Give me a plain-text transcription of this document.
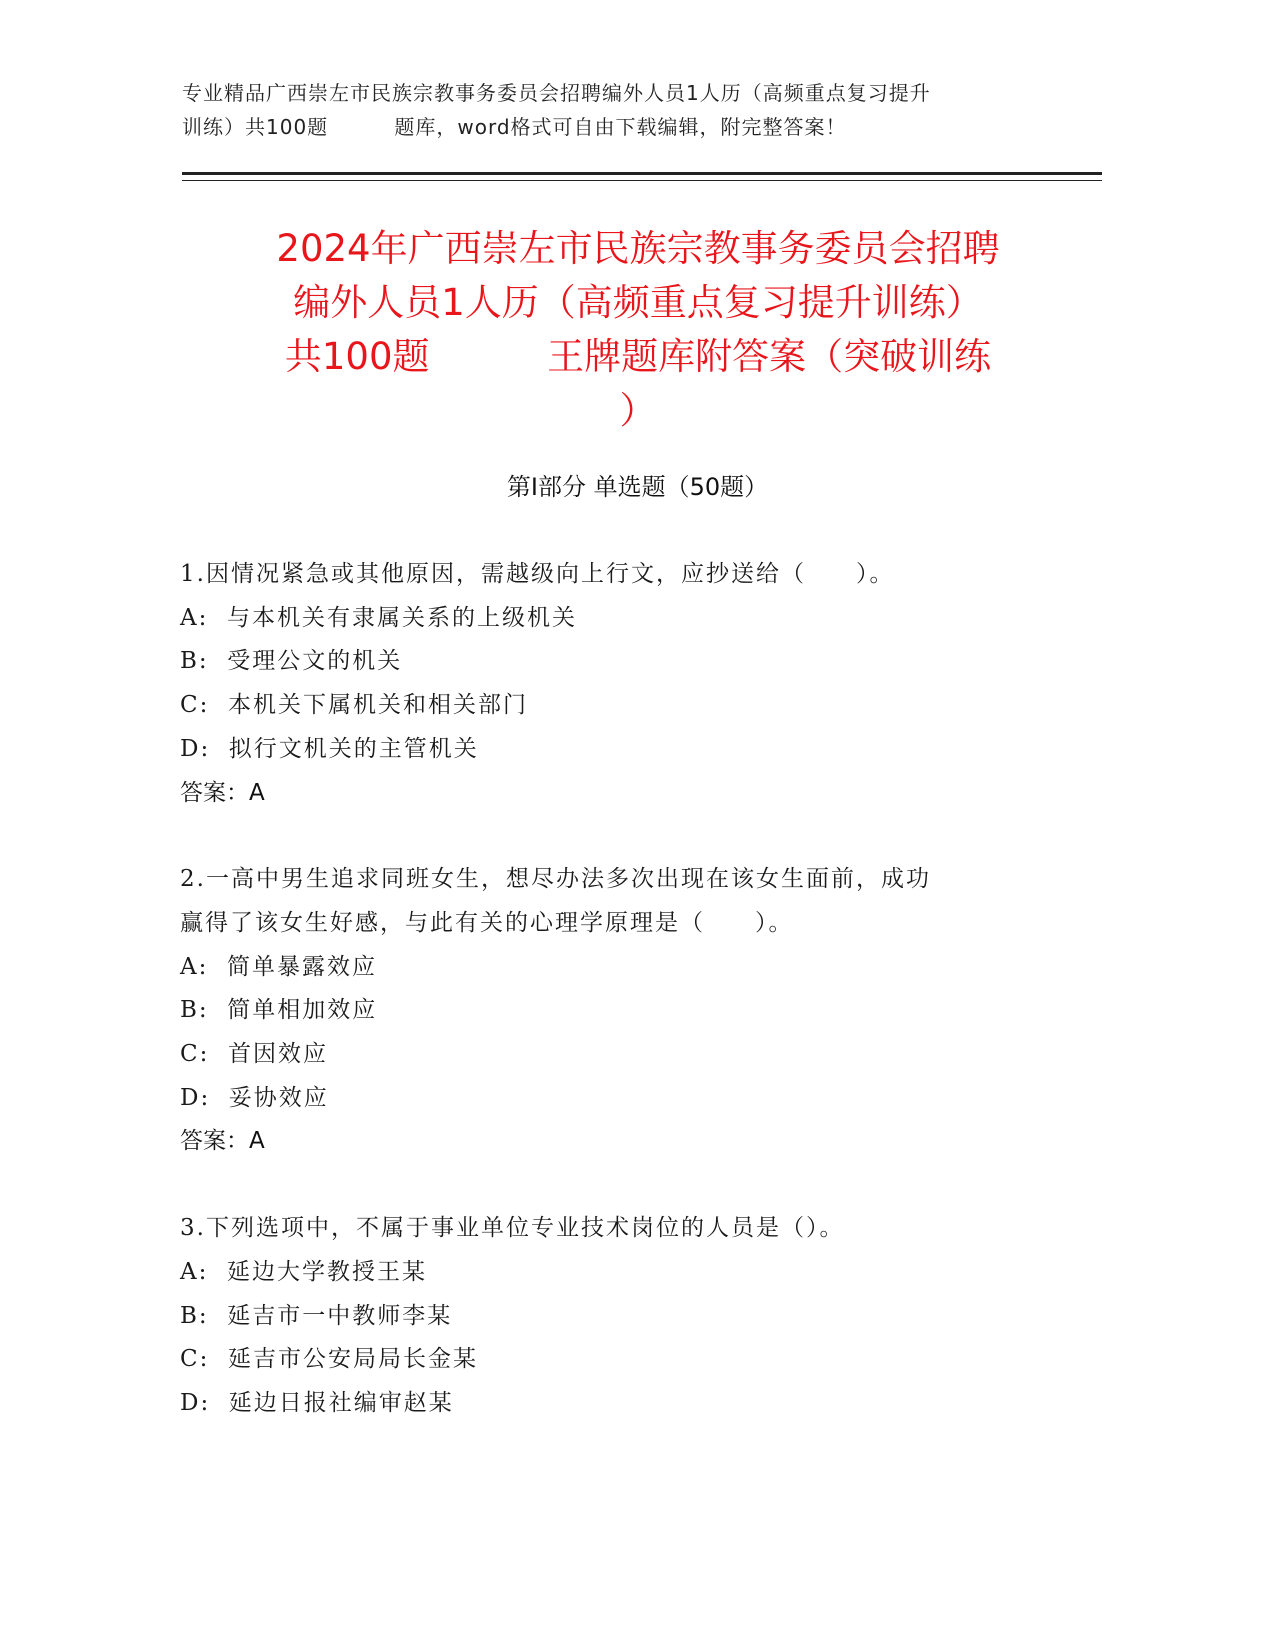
专业精品广西崇左市民族宗教事务委员会招聘编外人员1人历（高频重点复习提升
训练）共100题         题库，word格式可自由下载编辑，附完整答案！
2024年广西崇左市民族宗教事务委员会招聘
编外人员1人历（高频重点复习提升训练）
共100题          王牌题库附答案（突破训练
）
第Ⅰ部分 单选题（50题）
1.因情况紧急或其他原因，需越级向上行文，应抄送给（　　）。
A:  与本机关有隶属关系的上级机关
B:  受理公文的机关
C:  本机关下属机关和相关部门
D:  拟行文机关的主管机关
答案：A
2.一高中男生追求同班女生，想尽办法多次出现在该女生面前，成功
赢得了该女生好感，与此有关的心理学原理是（　　）。
A:  简单暴露效应
B:  简单相加效应
C:  首因效应
D:  妥协效应
答案：A
3.下列选项中，不属于事业单位专业技术岗位的人员是（）。
A:  延边大学教授王某
B:  延吉市一中教师李某
C:  延吉市公安局局长金某
D:  延边日报社编审赵某
